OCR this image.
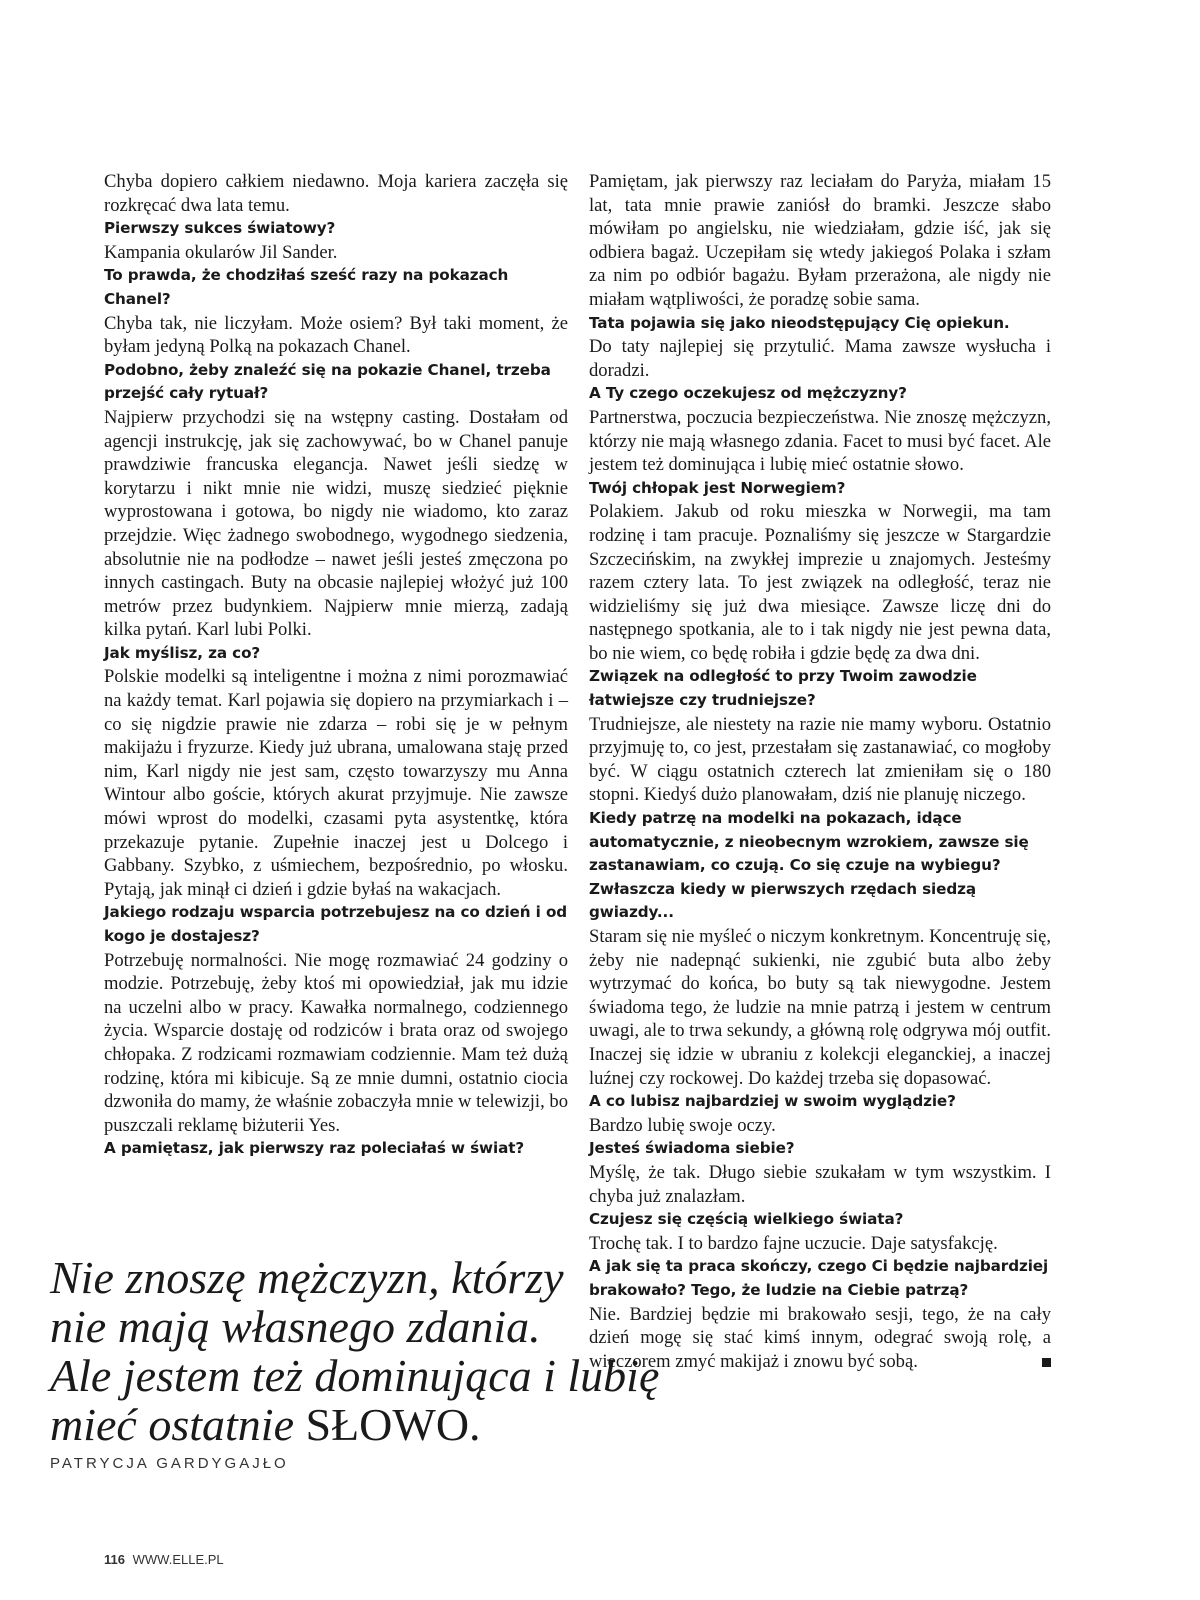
Chyba dopiero całkiem niedawno. Moja kariera zaczęła się rozkręcać dwa lata temu.

Pierwszy sukces światowy?

Kampania okularów Jil Sander.

To prawda, że chodziłaś sześć razy na pokazach Chanel?

Chyba tak, nie liczyłam. Może osiem? Był taki moment, że byłam jedyną Polką na pokazach Chanel.

Podobno, żeby znaleźć się na pokazie Chanel, trzeba przejść cały rytuał?

Najpierw przychodzi się na wstępny casting. Dostałam od agencji instrukcję, jak się zachowywać, bo w Chanel panuje prawdziwie francuska elegancja. Nawet jeśli siedzę w korytarzu i nikt mnie nie widzi, muszę siedzieć pięknie wyprostowana i gotowa, bo nigdy nie wiadomo, kto zaraz przejdzie. Więc żadnego swobodnego, wygodnego siedzenia, absolutnie nie na podłodze – nawet jeśli jesteś zmęczona po innych castingach. Buty na obcasie najlepiej włożyć już 100 metrów przez budynkiem. Najpierw mnie mierzą, zadają kilka pytań. Karl lubi Polki.

Jak myślisz, za co?

Polskie modelki są inteligentne i można z nimi porozmawiać na każdy temat. Karl pojawia się dopiero na przymiarkach i – co się nigdzie prawie nie zdarza – robi się je w pełnym makijażu i fryzurze. Kiedy już ubrana, umalowana staję przed nim, Karl nigdy nie jest sam, często towarzyszy mu Anna Wintour albo goście, których akurat przyjmuje. Nie zawsze mówi wprost do modelki, czasami pyta asystentkę, która przekazuje pytanie. Zupełnie inaczej jest u Dolcego i Gabbany. Szybko, z uśmiechem, bezpośrednio, po włosku. Pytają, jak minął ci dzień i gdzie byłaś na wakacjach.

Jakiego rodzaju wsparcia potrzebujesz na co dzień i od kogo je dostajesz?

Potrzebuję normalności. Nie mogę rozmawiać 24 godziny o modzie. Potrzebuję, żeby ktoś mi opowiedział, jak mu idzie na uczelni albo w pracy. Kawałka normalnego, codziennego życia. Wsparcie dostaję od rodziców i brata oraz od swojego chłopaka. Z rodzicami rozmawiam codziennie. Mam też dużą rodzinę, która mi kibicuje. Są ze mnie dumni, ostatnio ciocia dzwoniła do mamy, że właśnie zobaczyła mnie w telewizji, bo puszczali reklamę biżuterii Yes.

A pamiętasz, jak pierwszy raz poleciałaś w świat?

Pamiętam, jak pierwszy raz leciałam do Paryża, miałam 15 lat, tata mnie prawie zaniósł do bramki. Jeszcze słabo mówiłam po angielsku, nie wiedziałam, gdzie iść, jak się odbiera bagaż. Uczepiłam się wtedy jakiegoś Polaka i szłam za nim po odbiór bagażu. Byłam przerażona, ale nigdy nie miałam wątpliwości, że poradzę sobie sama.

Tata pojawia się jako nieodstępujący Cię opiekun.

Do taty najlepiej się przytulić. Mama zawsze wysłucha i doradzi.

A Ty czego oczekujesz od mężczyzny?

Partnerstwa, poczucia bezpieczeństwa. Nie znoszę mężczyzn, którzy nie mają własnego zdania. Facet to musi być facet. Ale jestem też dominująca i lubię mieć ostatnie słowo.

Twój chłopak jest Norwegiem?

Polakiem. Jakub od roku mieszka w Norwegii, ma tam rodzinę i tam pracuje. Poznaliśmy się jeszcze w Stargardzie Szczecińskim, na zwykłej imprezie u znajomych. Jesteśmy razem cztery lata. To jest związek na odległość, teraz nie widzieliśmy się już dwa miesiące. Zawsze liczę dni do następnego spotkania, ale to i tak nigdy nie jest pewna data, bo nie wiem, co będę robiła i gdzie będę za dwa dni.

Związek na odległość to przy Twoim zawodzie łatwiejsze czy trudniejsze?

Trudniejsze, ale niestety na razie nie mamy wyboru. Ostatnio przyjmuję to, co jest, przestałam się zastanawiać, co mogłoby być. W ciągu ostatnich czterech lat zmieniłam się o 180 stopni. Kiedyś dużo planowałam, dziś nie planuję niczego.

Kiedy patrzę na modelki na pokazach, idące automatycznie, z nieobecnym wzrokiem, zawsze się zastanawiam, co czują. Co się czuje na wybiegu? Zwłaszcza kiedy w pierwszych rzędach siedzą gwiazdy...

Staram się nie myśleć o niczym konkretnym. Koncentruję się, żeby nie nadepnąć sukienki, nie zgubić buta albo żeby wytrzymać do końca, bo buty są tak niewygodne. Jestem świadoma tego, że ludzie na mnie patrzą i jestem w centrum uwagi, ale to trwa sekundy, a główną rolę odgrywa mój outfit. Inaczej się idzie w ubraniu z kolekcji eleganckiej, a inaczej luźnej czy rockowej. Do każdej trzeba się dopasować.

A co lubisz najbardziej w swoim wyglądzie?

Bardzo lubię swoje oczy.

Jesteś świadoma siebie?

Myślę, że tak. Długo siebie szukałam w tym wszystkim. I chyba już znalazłam.

Czujesz się częścią wielkiego świata?

Trochę tak. I to bardzo fajne uczucie. Daje satysfakcję.

A jak się ta praca skończy, czego Ci będzie najbardziej brakowało? Tego, że ludzie na Ciebie patrzą?

Nie. Bardziej będzie mi brakowało sesji, tego, że na cały dzień mogę się stać kimś innym, odegrać swoją rolę, a wieczorem zmyć makijaż i znowu być sobą.

Nie znoszę mężczyzn, którzy
nie mają własnego zdania.
Ale jestem też dominująca i lubię
mieć ostatnie SŁOWO.
PATRYCJA GARDYGAJŁO
116 WWW.ELLE.PL
